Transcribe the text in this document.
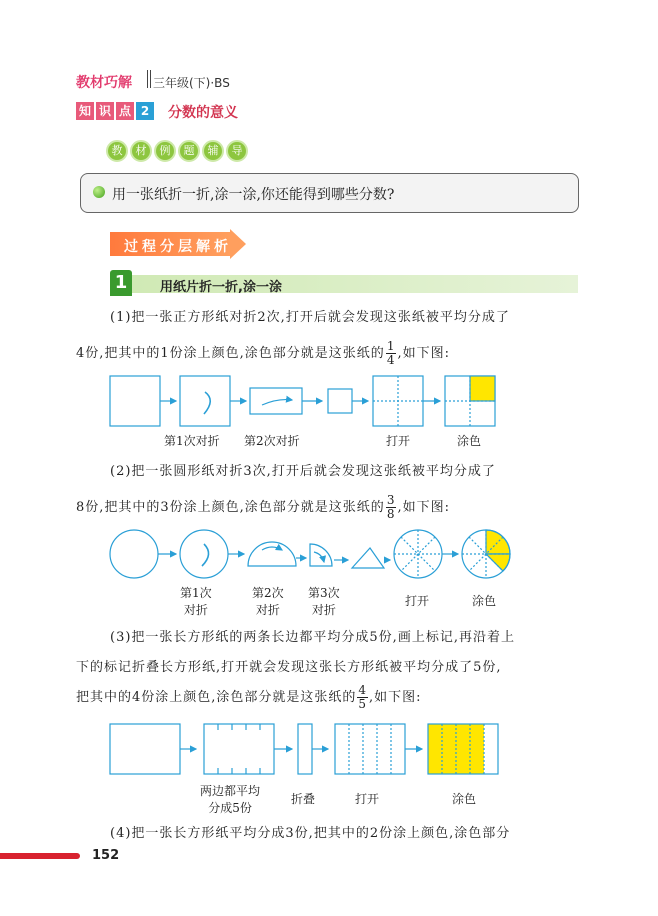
教材巧解 三年级(下)·BS
知 识 点 2	分数的意义
教	材	例	题	辅	导
用一张纸折一折,涂一涂,你还能得到哪些分数?
过程分层解析
1	用纸片折一折,涂一涂
(1)把一张正方形纸对折2次,打开后就会发现这张纸被平均分成了
4份,把其中的1份涂上颜色,涂色部分就是这张纸的 $\frac{1}{4}$ ,如下图:
第1次对折 第2次对折	打开	涂色
(2)把一张圆形纸对折3次,打开后就会发现这张纸被平均分成了
8份,把其中的3份涂上颜色,涂色部分就是这张纸的 $\frac{3}{8}$ ,如下图:
第1次
对折
第2次
对折
第3次
对折
打开	涂色
(3)把一张长方形纸的两条长边都平均分成5份,画上标记,再沿着上
下的标记折叠长方形纸,打开就会发现这张长方形纸被平均分成了5份,
把其中的4份涂上颜色,涂色部分就是这张纸的 $\frac{4}{5}$ ,如下图:
两边都平均
分成5份
折叠	打开	涂色
(4)把一张长方形纸平均分成3份,把其中的2份涂上颜色,涂色部分
152
